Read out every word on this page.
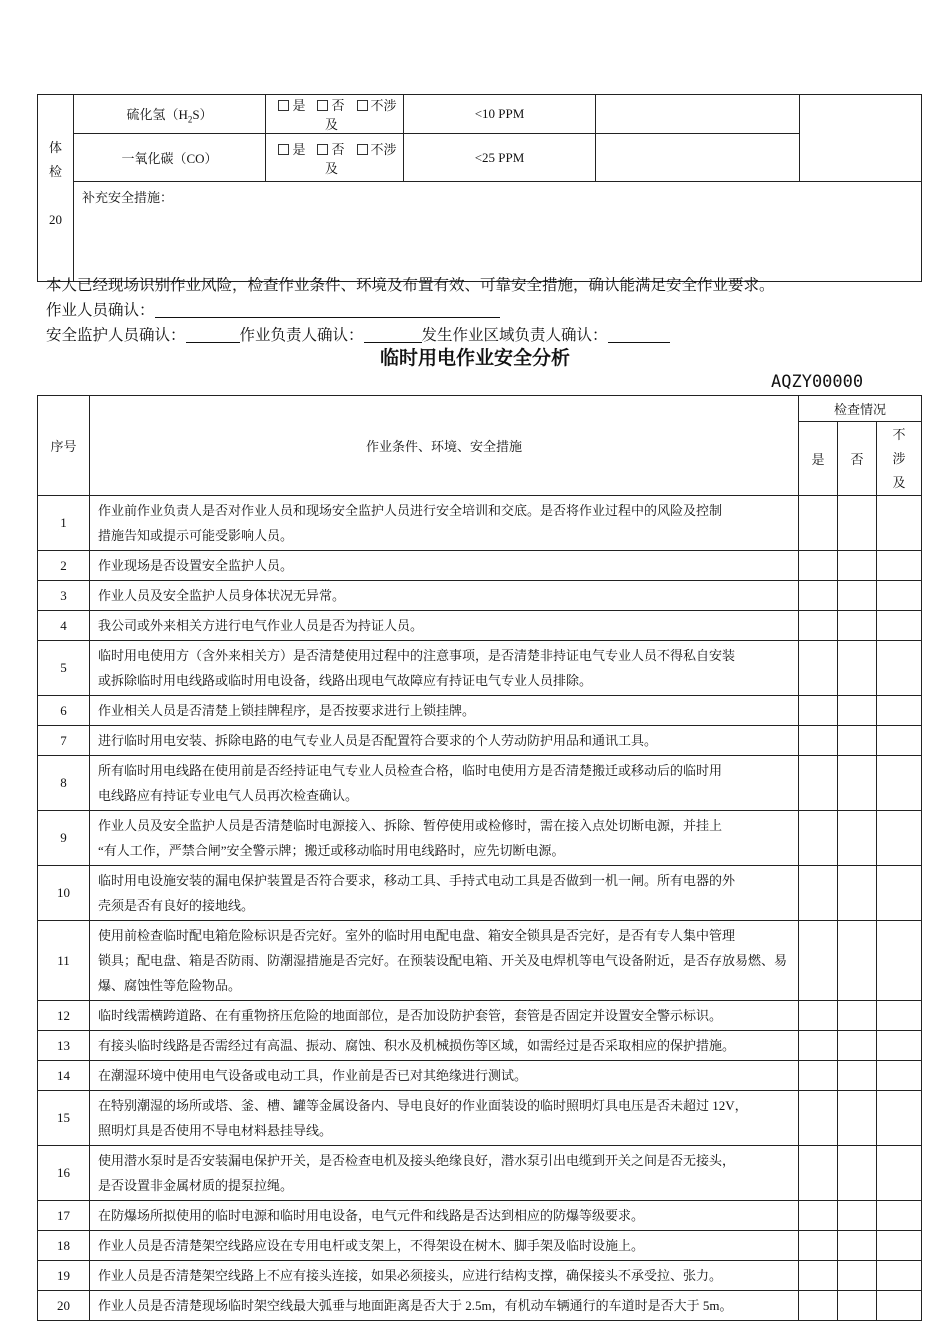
体
检
20	硫化氢$(H_2S)$	是 否 不涉及	<10 PPM		
	一氧化碳（CO）	是 否 不涉及	<25 PPM		
	补充安全措施：				
本人已经现场识别作业风险，检查作业条件、环境及布置有效、可靠安全措施，确认能满足安全作业要求。
作业人员确认：
安全监护人员确认：	作业负责人确认：	发生作业区域负责人确认：
临时用电作业安全分析
AQZY00000
序号	作业条件、环境、安全措施	检查情况		
		是	否	不
涉
及

1	作业前作业负责人是否对作业人员和现场安全监护人员进行安全培训和交底。是否将作业过程中的风险及控制
措施告知或提示可能受影响人员。			

2	作业现场是否设置安全监护人员。			

3	作业人员及安全监护人员身体状况无异常。			

4	我公司或外来相关方进行电气作业人员是否为持证人员。			

5	临时用电使用方（含外来相关方）是否清楚使用过程中的注意事项，是否清楚非持证电气专业人员不得私自安装
或拆除临时用电线路或临时用电设备，线路出现电气故障应有持证电气专业人员排除。			

6	作业相关人员是否清楚上锁挂牌程序，是否按要求进行上锁挂牌。			

7	进行临时用电安装、拆除电路的电气专业人员是否配置符合要求的个人劳动防护用品和通讯工具。			

8	所有临时用电线路在使用前是否经持证电气专业人员检查合格，临时电使用方是否清楚搬迁或移动后的临时用
电线路应有持证专业电气人员再次检查确认。			

9	作业人员及安全监护人员是否清楚临时电源接入、拆除、暂停使用或检修时，需在接入点处切断电源，并挂上
“有人工作，严禁合闸”安全警示牌；搬迁或移动临时用电线路时，应先切断电源。			

10	临时用电设施安装的漏电保护装置是否符合要求，移动工具、手持式电动工具是否做到一机一闸。所有电器的外
壳须是否有良好的接地线。			

11	使用前检查临时配电箱危险标识是否完好。室外的临时用电配电盘、箱安全锁具是否完好，是否有专人集中管理
锁具；配电盘、箱是否防雨、防潮湿措施是否完好。在预装设配电箱、开关及电焊机等电气设备附近，是否存放易燃、易
爆、腐蚀性等危险物品。			

12	临时线需横跨道路、在有重物挤压危险的地面部位，是否加设防护套管，套管是否固定并设置安全警示标识。			

13	有接头临时线路是否需经过有高温、振动、腐蚀、积水及机械损伤等区域，如需经过是否采取相应的保护措施。			

14	在潮湿环境中使用电气设备或电动工具，作业前是否已对其绝缘进行测试。			

15	在特别潮湿的场所或塔、釜、槽、罐等金属设备内、导电良好的作业面装设的临时照明灯具电压是否未超过 12V，
照明灯具是否使用不导电材料悬挂导线。			

16	使用潜水泵时是否安装漏电保护开关，是否检查电机及接头绝缘良好，潜水泵引出电缆到开关之间是否无接头，
是否设置非金属材质的提泵拉绳。			

17	在防爆场所拟使用的临时电源和临时用电设备，电气元件和线路是否达到相应的防爆等级要求。			

18	作业人员是否清楚架空线路应设在专用电杆或支架上，不得架设在树木、脚手架及临时设施上。			

19	作业人员是否清楚架空线路上不应有接头连接，如果必须接头，应进行结构支撑，确保接头不承受拉、张力。			

20	作业人员是否清楚现场临时架空线最大弧垂与地面距离是否大于 2.5m，有机动车辆通行的车道时是否大于 5m。			
